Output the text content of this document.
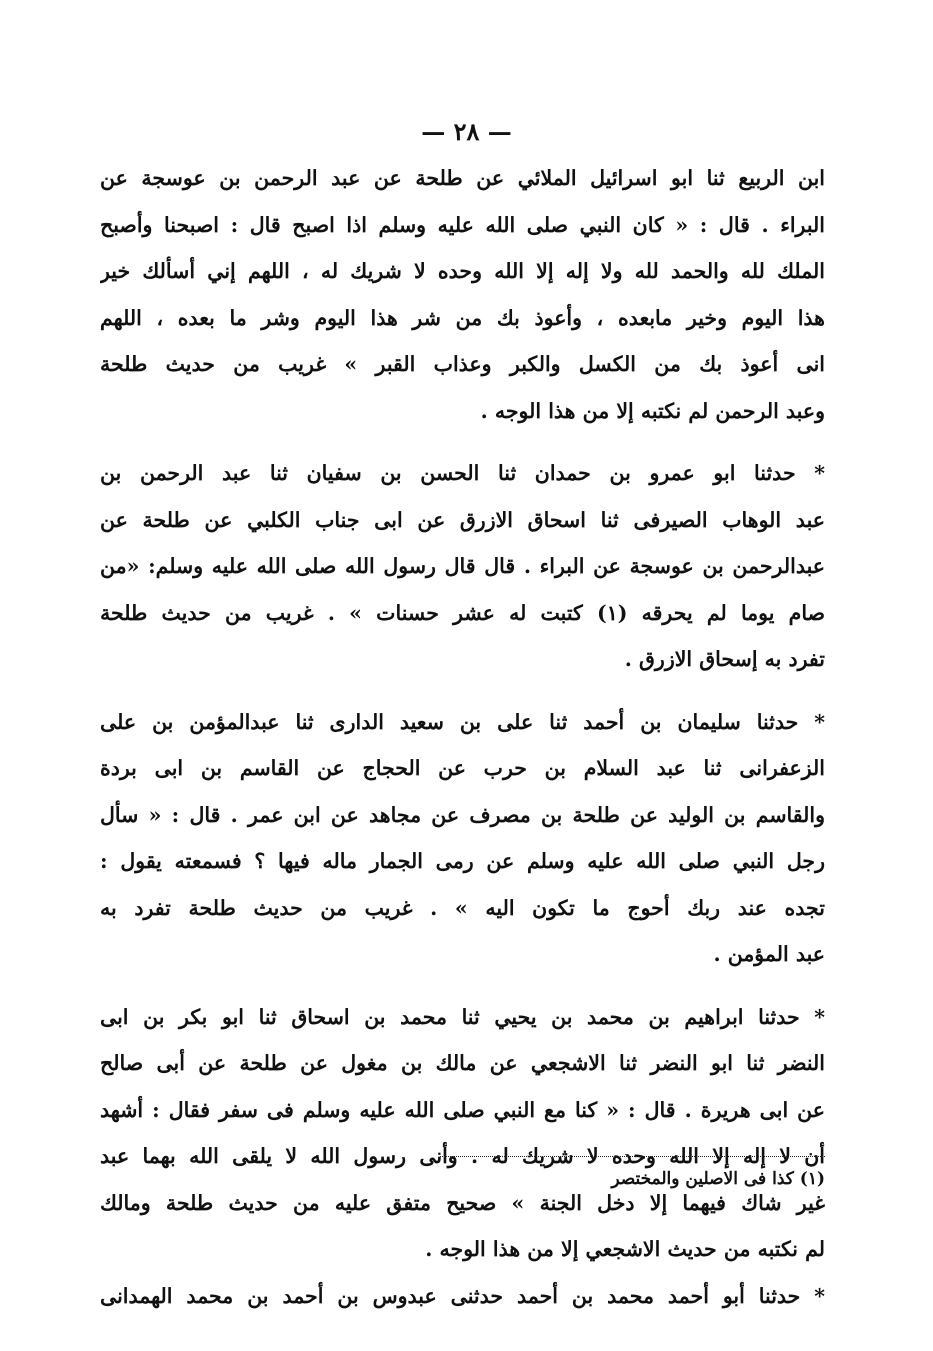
— ٢٨ —
ابن الربيع ثنا ابو اسرائيل الملائي عن طلحة عن عبد الرحمن بن عوسجة عن
البراء . قال : « كان النبي صلى الله عليه وسلم اذا اصبح قال : اصبحنا وأصبح
الملك لله والحمد لله ولا إله إلا الله وحده لا شريك له ، اللهم إني أسألك خير
هذا اليوم وخير مابعده ، وأعوذ بك من شر هذا اليوم وشر ما بعده ، اللهم
انى أعوذ بك من الكسل والكبر وعذاب القبر » غريب من حديث طلحة
وعبد الرحمن لم نكتبه إلا من هذا الوجه .
* حدثنا ابو عمرو بن حمدان ثنا الحسن بن سفيان ثنا عبد الرحمن بن
عبد الوهاب الصيرفى ثنا اسحاق الازرق عن ابى جناب الكلبي عن طلحة عن
عبدالرحمن بن عوسجة عن البراء . قال قال رسول الله صلى الله عليه وسلم: «من
صام يوما لم يحرقه (١) كتبت له عشر حسنات » . غريب من حديث طلحة
تفرد به إسحاق الازرق .
* حدثنا سليمان بن أحمد ثنا على بن سعيد الدارى ثنا عبدالمؤمن بن على
الزعفرانى ثنا عبد السلام بن حرب عن الحجاج عن القاسم بن ابى بردة
والقاسم بن الوليد عن طلحة بن مصرف عن مجاهد عن ابن عمر . قال : « سأل
رجل النبي صلى الله عليه وسلم عن رمى الجمار ماله فيها ؟ فسمعته يقول :
تجده عند ربك أحوج ما تكون اليه » . غريب من حديث طلحة تفرد به
عبد المؤمن .
* حدثنا ابراهيم بن محمد بن يحيي ثنا محمد بن اسحاق ثنا ابو بكر بن ابى
النضر ثنا ابو النضر ثنا الاشجعي عن مالك بن مغول عن طلحة عن أبى صالح
عن ابى هريرة . قال : « كنا مع النبي صلى الله عليه وسلم فى سفر فقال : أشهد
أن لا إله إلا الله وحده لا شريك له . وأنى رسول الله لا يلقى الله بهما عبد
غير شاك فيهما إلا دخل الجنة » صحيح متفق عليه من حديث طلحة ومالك
لم نكتبه من حديث الاشجعي إلا من هذا الوجه .
* حدثنا أبو أحمد محمد بن أحمد حدثنى عبدوس بن أحمد بن محمد الهمدانى
(١) كذا فى الاصلين والمختصر
